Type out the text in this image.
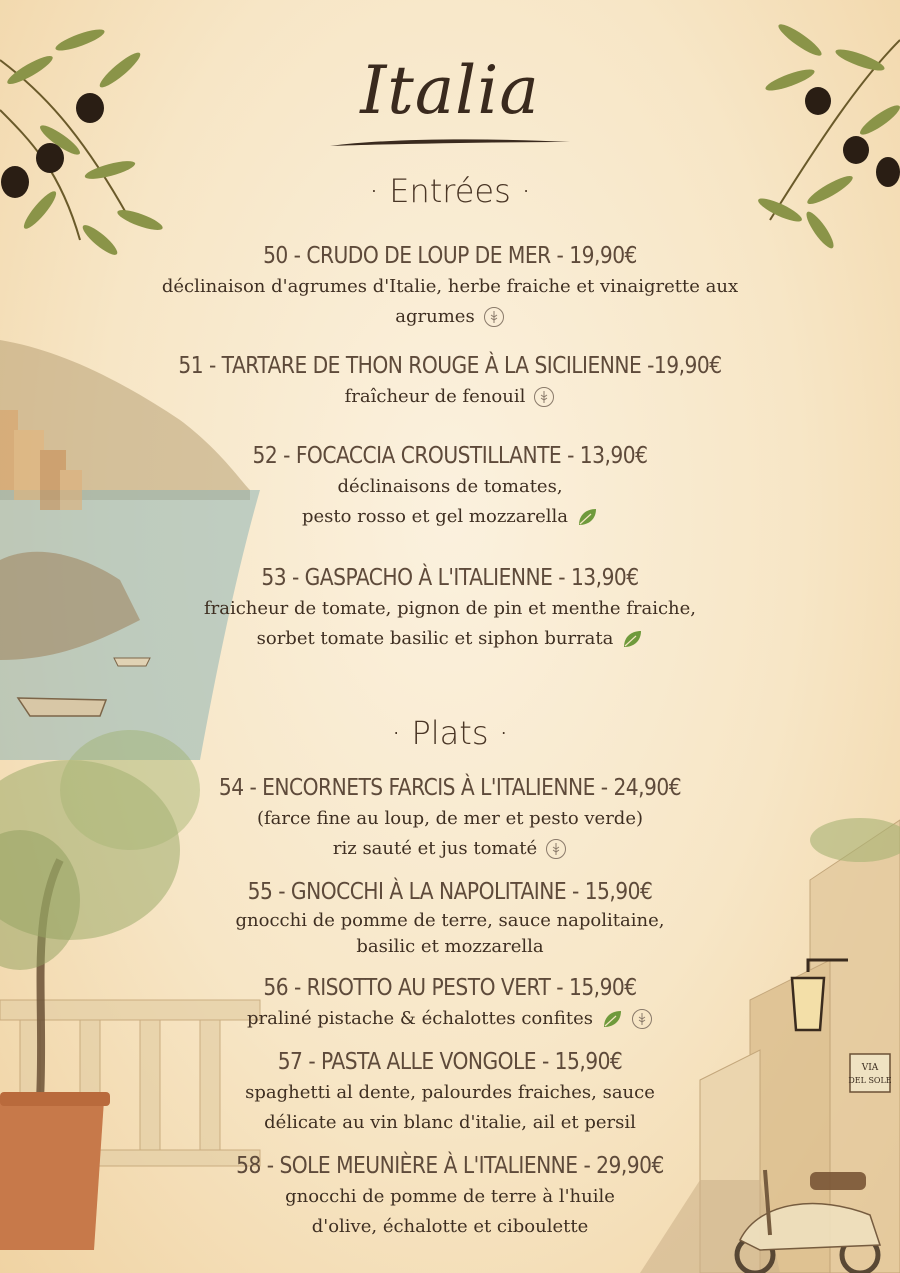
VIA
DEL SOLE
Italia
· Entrées ·
50 - CRUDO DE LOUP DE MER - 19,90€
déclinaison d'agrumes d'Italie, herbe fraiche et vinaigrette aux
agrumes
51 - TARTARE DE THON ROUGE À LA SICILIENNE -19,90€
fraîcheur de fenouil
52 - FOCACCIA CROUSTILLANTE - 13,90€
déclinaisons de tomates,
pesto rosso et gel mozzarella
53 - GASPACHO À L'ITALIENNE - 13,90€
fraicheur de tomate, pignon de pin et menthe fraiche,
sorbet tomate basilic et siphon burrata
· Plats ·
54 - ENCORNETS FARCIS À L'ITALIENNE - 24,90€
(farce fine au loup, de mer et pesto verde)
riz sauté et jus tomaté
55 - GNOCCHI À LA NAPOLITAINE - 15,90€
gnocchi de pomme de terre, sauce napolitaine,
basilic et mozzarella
56 - RISOTTO AU PESTO VERT - 15,90€
praliné pistache & échalottes confites
57 - PASTA ALLE VONGOLE - 15,90€
spaghetti al dente, palourdes fraiches, sauce
délicate au vin blanc d'italie, ail et persil
58 - SOLE MEUNIÈRE À L'ITALIENNE - 29,90€
gnocchi de pomme de terre à l'huile
d'olive, échalotte et ciboulette
